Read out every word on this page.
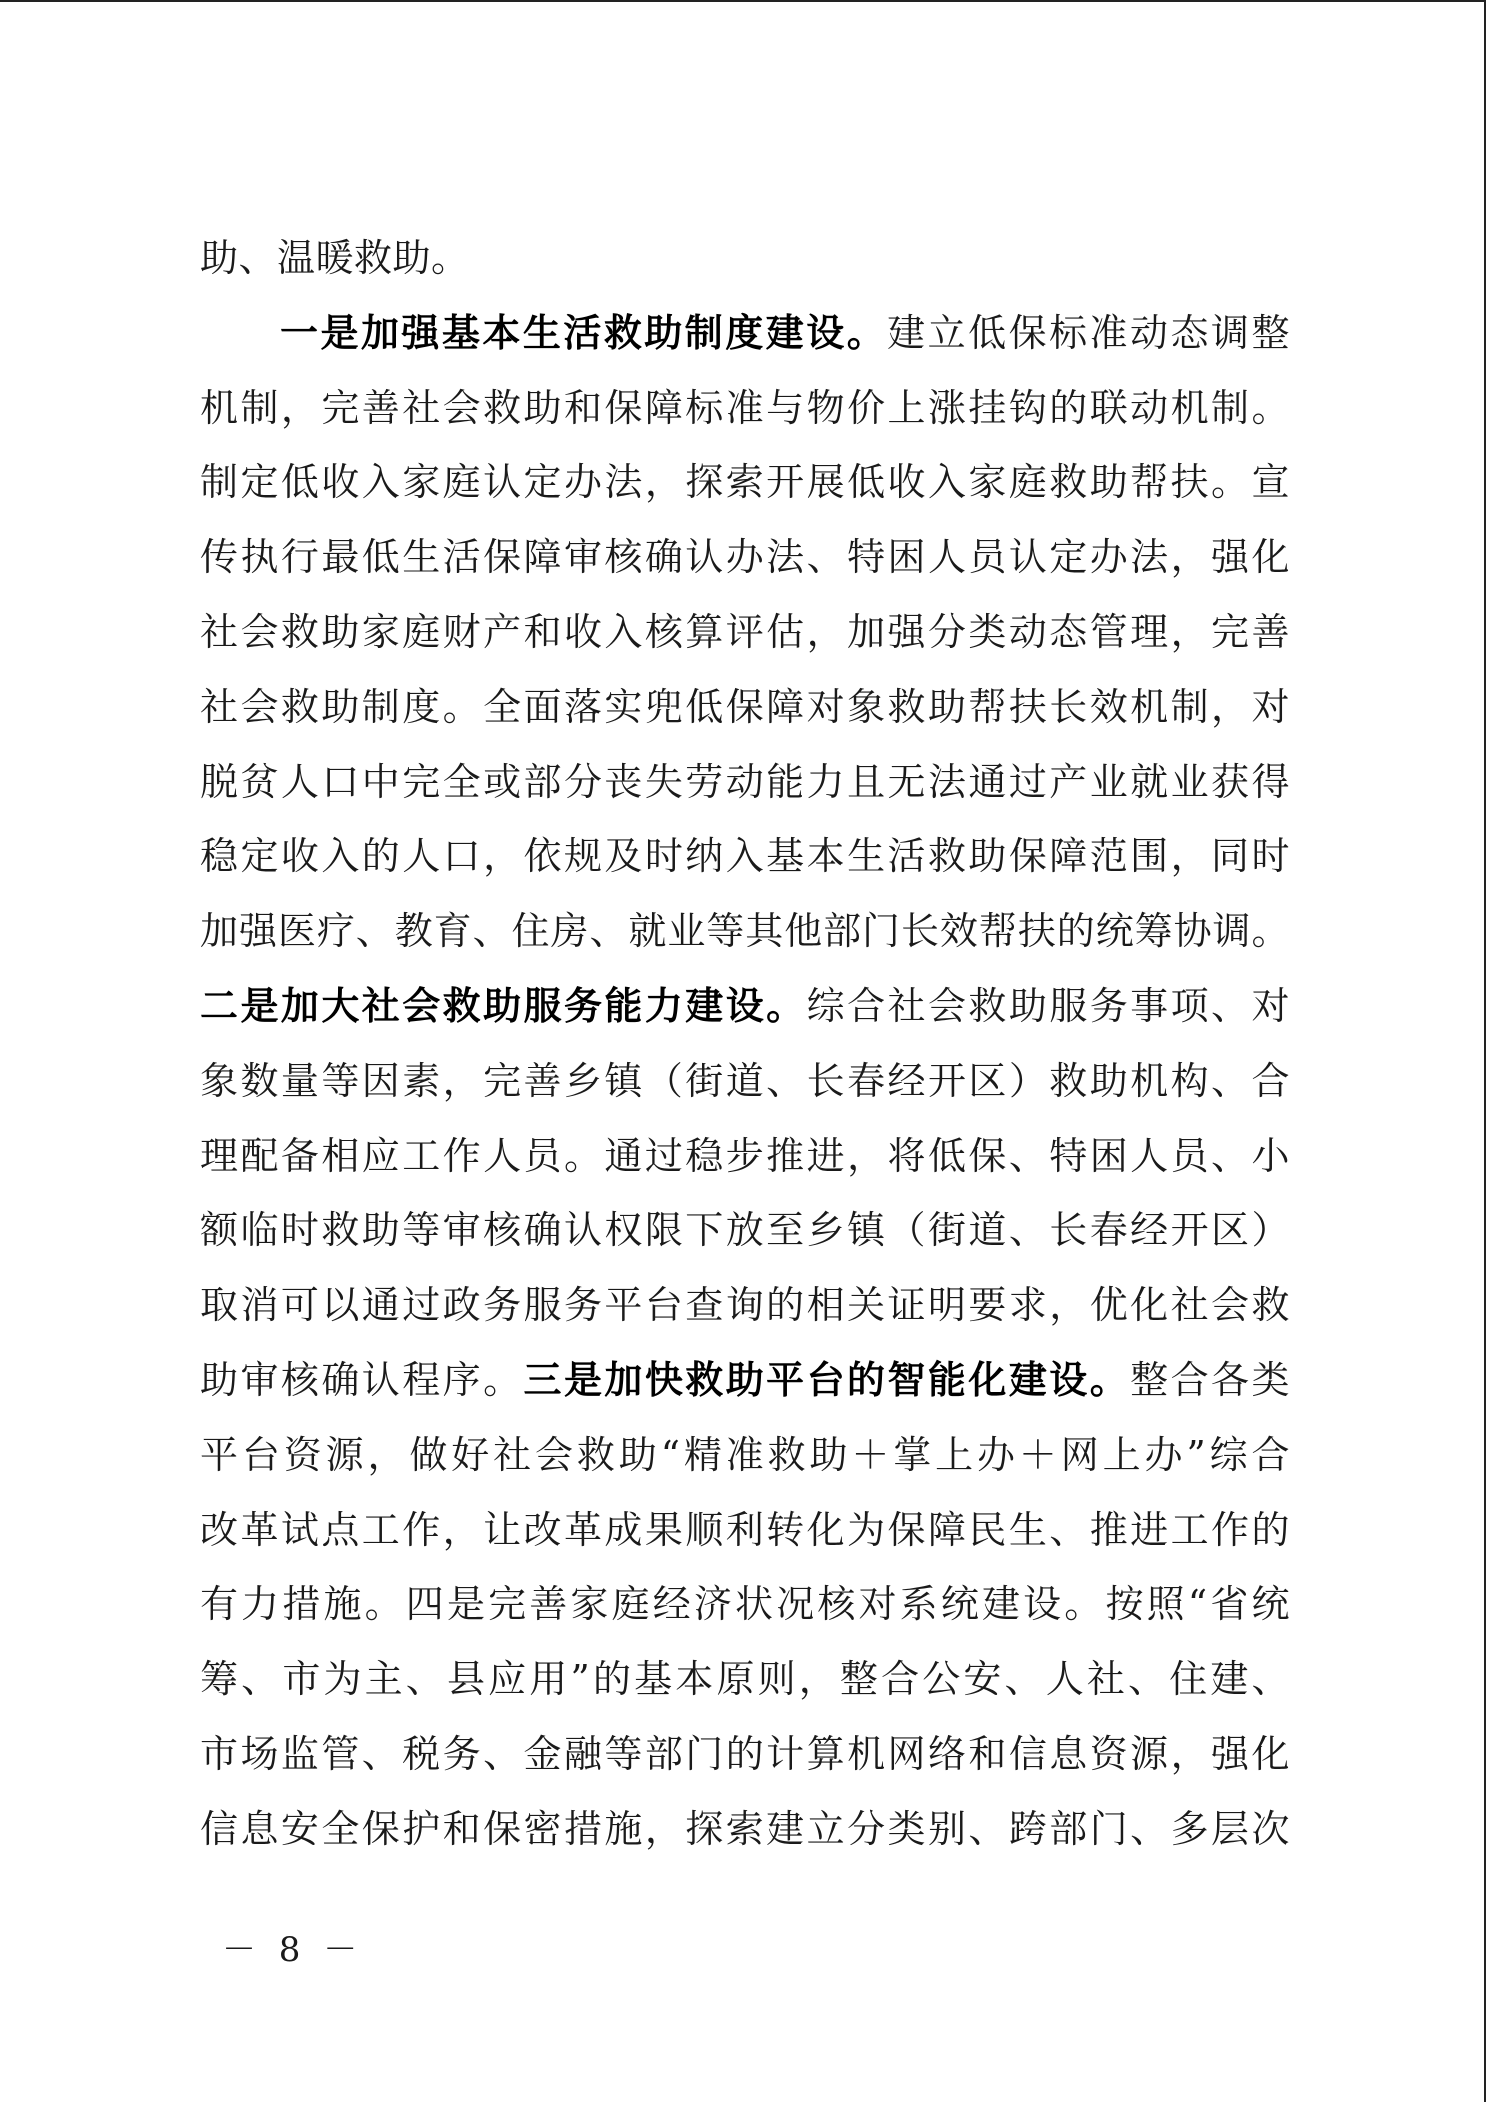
助、温暖救助。
一是加强基本生活救助制度建设。建立低保标准动态调整
机制，完善社会救助和保障标准与物价上涨挂钩的联动机制。
制定低收入家庭认定办法，探索开展低收入家庭救助帮扶。宣
传执行最低生活保障审核确认办法、特困人员认定办法，强化
社会救助家庭财产和收入核算评估，加强分类动态管理，完善
社会救助制度。全面落实兜低保障对象救助帮扶长效机制，对
脱贫人口中完全或部分丧失劳动能力且无法通过产业就业获得
稳定收入的人口，依规及时纳入基本生活救助保障范围，同时
加强医疗、教育、住房、就业等其他部门长效帮扶的统筹协调。
二是加大社会救助服务能力建设。综合社会救助服务事项、对
象数量等因素，完善乡镇（街道、长春经开区）救助机构、合
理配备相应工作人员。通过稳步推进，将低保、特困人员、小
额临时救助等审核确认权限下放至乡镇（街道、长春经开区）
取消可以通过政务服务平台查询的相关证明要求，优化社会救
助审核确认程序。三是加快救助平台的智能化建设。整合各类
平台资源，做好社会救助“精准救助＋掌上办＋网上办”综合
改革试点工作，让改革成果顺利转化为保障民生、推进工作的
有力措施。四是完善家庭经济状况核对系统建设。按照“省统
筹、市为主、县应用”的基本原则，整合公安、人社、住建、
市场监管、税务、金融等部门的计算机网络和信息资源，强化
信息安全保护和保密措施，探索建立分类别、跨部门、多层次
－ 8 －
